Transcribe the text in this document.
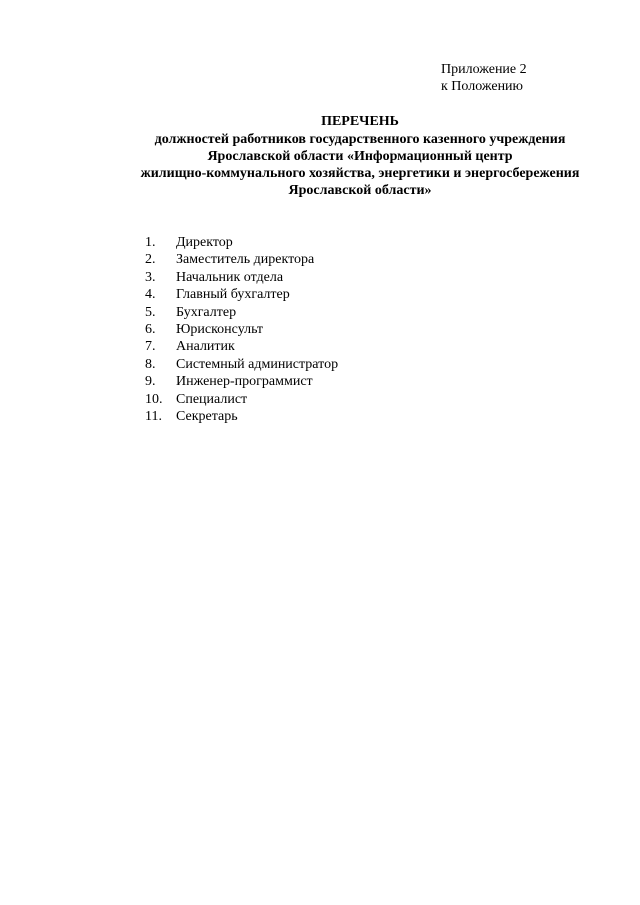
Приложение 2
к Положению
ПЕРЕЧЕНЬ
должностей работников государственного казенного учреждения
Ярославской области «Информационный центр
жилищно-коммунального хозяйства, энергетики и энергосбережения
Ярославской области»
1.	Директор
2.	Заместитель директора
3.	Начальник отдела
4.	Главный бухгалтер
5.	Бухгалтер
6.	Юрисконсульт
7.	Аналитик
8.	Системный администратор
9.	Инженер-программист
10. Специалист
11.	Секретарь
